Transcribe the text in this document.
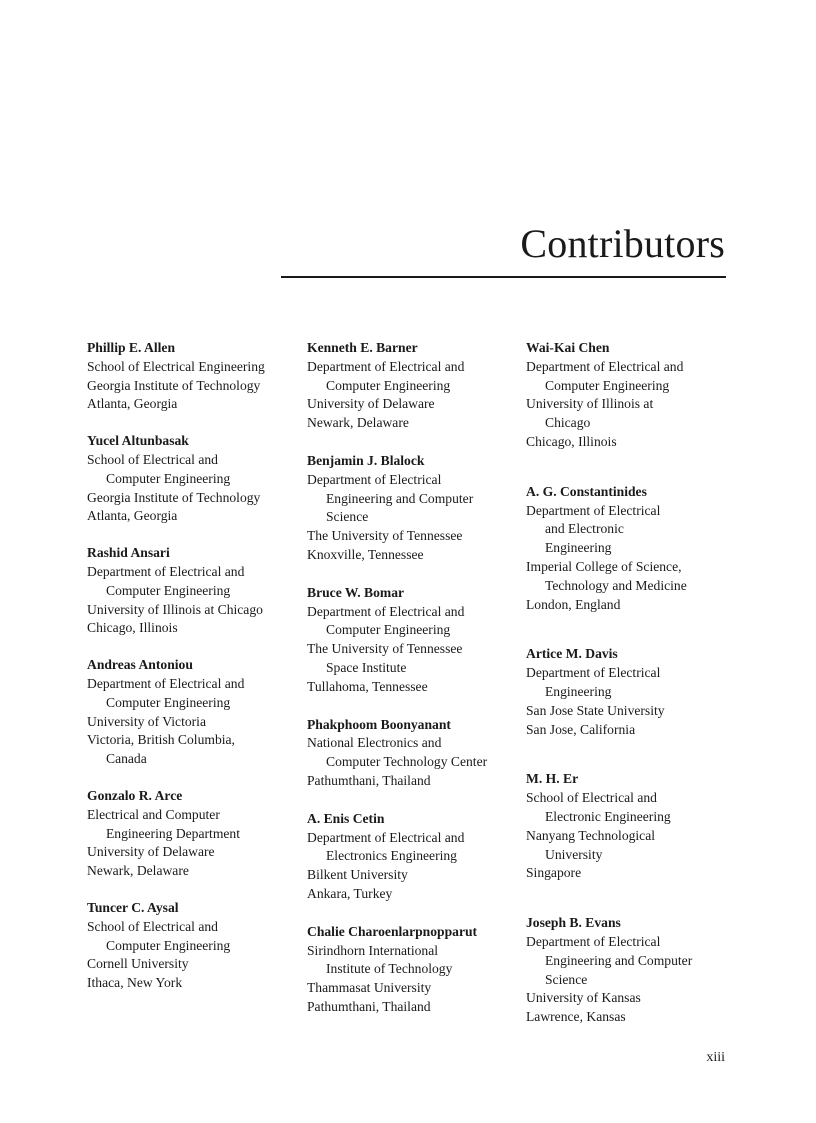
Contributors
Phillip E. Allen
School of Electrical Engineering
Georgia Institute of Technology
Atlanta, Georgia
Yucel Altunbasak
School of Electrical and
Computer Engineering
Georgia Institute of Technology
Atlanta, Georgia
Rashid Ansari
Department of Electrical and
Computer Engineering
University of Illinois at Chicago
Chicago, Illinois
Andreas Antoniou
Department of Electrical and
Computer Engineering
University of Victoria
Victoria, British Columbia,
Canada
Gonzalo R. Arce
Electrical and Computer
Engineering Department
University of Delaware
Newark, Delaware
Tuncer C. Aysal
School of Electrical and
Computer Engineering
Cornell University
Ithaca, New York
Kenneth E. Barner
Department of Electrical and
Computer Engineering
University of Delaware
Newark, Delaware
Benjamin J. Blalock
Department of Electrical
Engineering and Computer
Science
The University of Tennessee
Knoxville, Tennessee
Bruce W. Bomar
Department of Electrical and
Computer Engineering
The University of Tennessee
Space Institute
Tullahoma, Tennessee
Phakphoom Boonyanant
National Electronics and
Computer Technology Center
Pathumthani, Thailand
A. Enis Cetin
Department of Electrical and
Electronics Engineering
Bilkent University
Ankara, Turkey
Chalie Charoenlarpnopparut
Sirindhorn International
Institute of Technology
Thammasat University
Pathumthani, Thailand
Wai-Kai Chen
Department of Electrical and
Computer Engineering
University of Illinois at
Chicago
Chicago, Illinois
A. G. Constantinides
Department of Electrical
and Electronic
Engineering
Imperial College of Science,
Technology and Medicine
London, England
Artice M. Davis
Department of Electrical
Engineering
San Jose State University
San Jose, California
M. H. Er
School of Electrical and
Electronic Engineering
Nanyang Technological
University
Singapore
Joseph B. Evans
Department of Electrical
Engineering and Computer
Science
University of Kansas
Lawrence, Kansas
xiii
